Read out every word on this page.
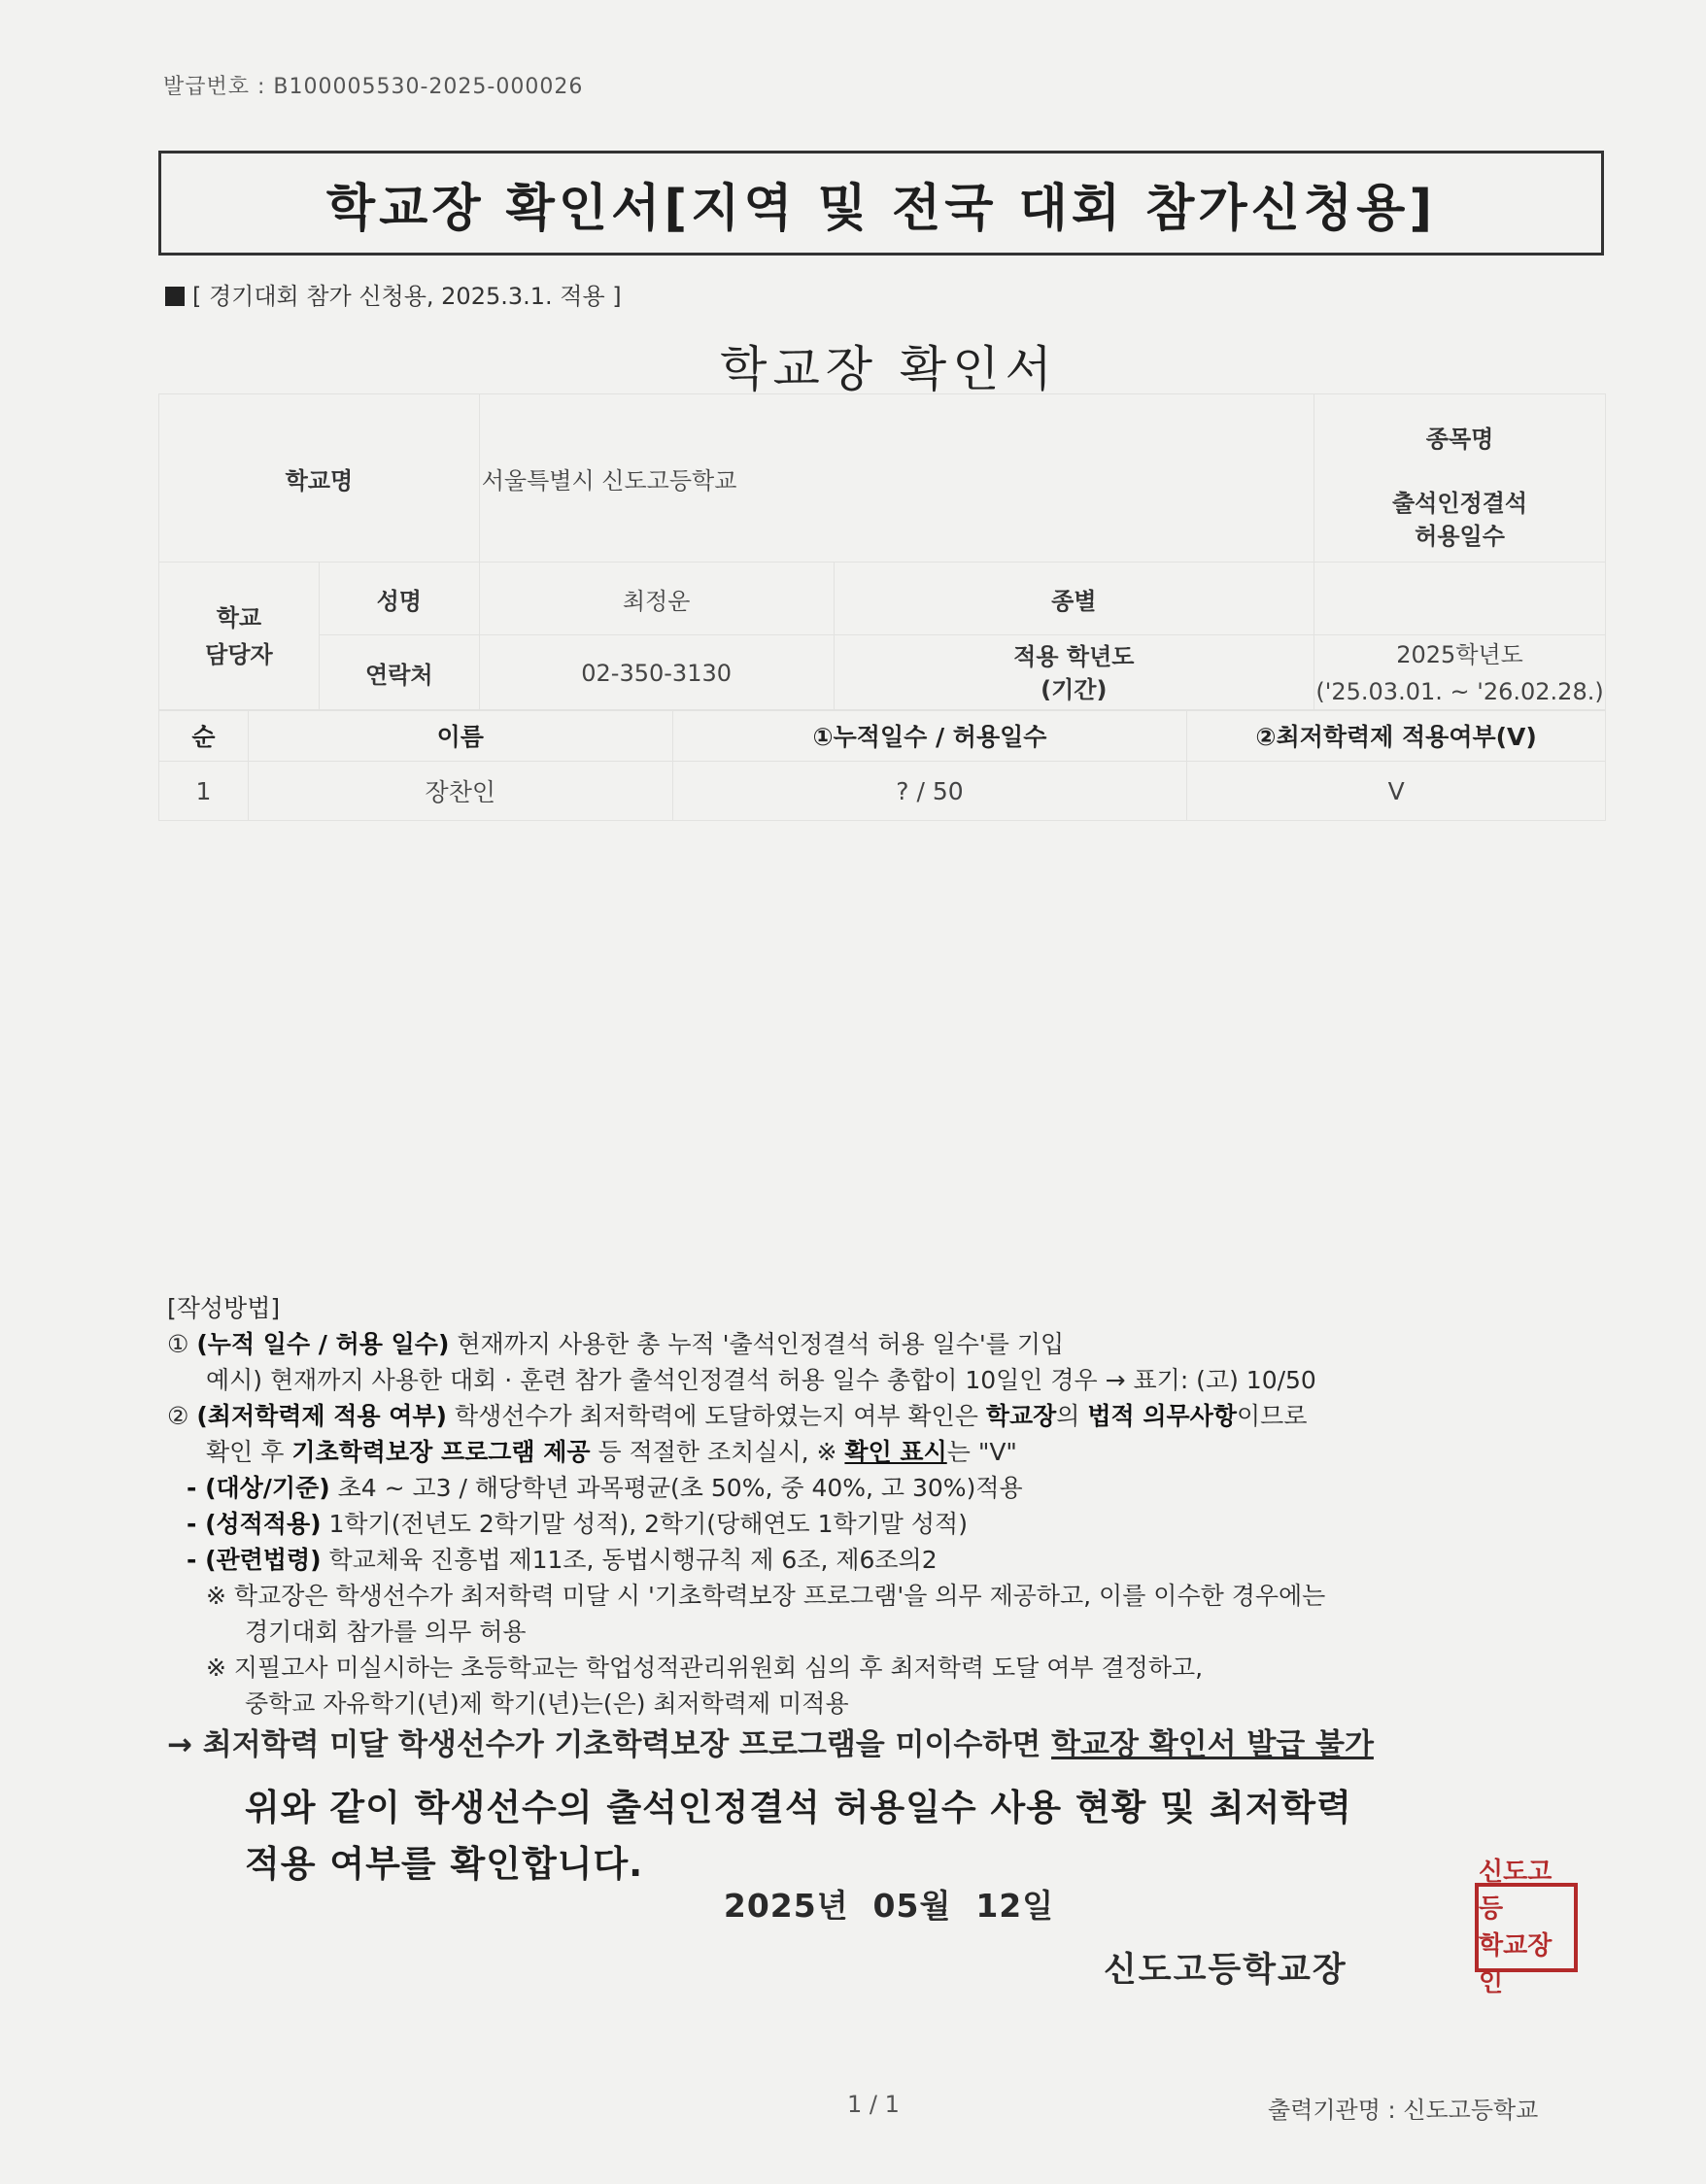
발급번호 : B100005530-2025-000026
학교장 확인서[지역 및 전국 대회 참가신청용]
[ 경기대회 참가 신청용, 2025.3.1. 적용 ]
학교장 확인서
학교명		서울특별시 신도고등학교		종목명
출석인정결석
허용일수

학교
담당자	성명	최정운	종별	
	연락처	02-350-3130	적용 학년도
(기간)	2025학년도
('25.03.01. ~ '26.02.28.)
순	이름	①누적일수 / 허용일수	②최저학력제 적용여부(V)
1	장찬인	? / 50	V
[작성방법]
① (누적 일수 / 허용 일수) 현재까지 사용한 총 누적 '출석인정결석 허용 일수'를 기입
예시) 현재까지 사용한 대회 · 훈련 참가 출석인정결석 허용 일수 총합이 10일인 경우 → 표기: (고) 10/50
② (최저학력제 적용 여부) 학생선수가 최저학력에 도달하였는지 여부 확인은 학교장의 법적 의무사항이므로
확인 후 기초학력보장 프로그램 제공 등 적절한 조치실시, ※ 확인 표시는 "V"
- (대상/기준) 초4 ~ 고3 / 해당학년 과목평균(초 50%, 중 40%, 고 30%)적용
- (성적적용) 1학기(전년도 2학기말 성적), 2학기(당해연도 1학기말 성적)
- (관련법령) 학교체육 진흥법 제11조, 동법시행규칙 제 6조, 제6조의2
※ 학교장은 학생선수가 최저학력 미달 시 '기초학력보장 프로그램'을 의무 제공하고, 이를 이수한 경우에는
경기대회 참가를 의무 허용
※ 지필고사 미실시하는 초등학교는 학업성적관리위원회 심의 후 최저학력 도달 여부 결정하고,
중학교 자유학기(년)제 학기(년)는(은) 최저학력제 미적용
→ 최저학력 미달 학생선수가 기초학력보장 프로그램을 미이수하면 학교장 확인서 발급 불가
위와 같이 학생선수의 출석인정결석 허용일수 사용 현황 및 최저학력
적용 여부를 확인합니다.
2025년  05월  12일
신도고등학교장
신도고등
학교장인
1 / 1	출력기관명 : 신도고등학교
